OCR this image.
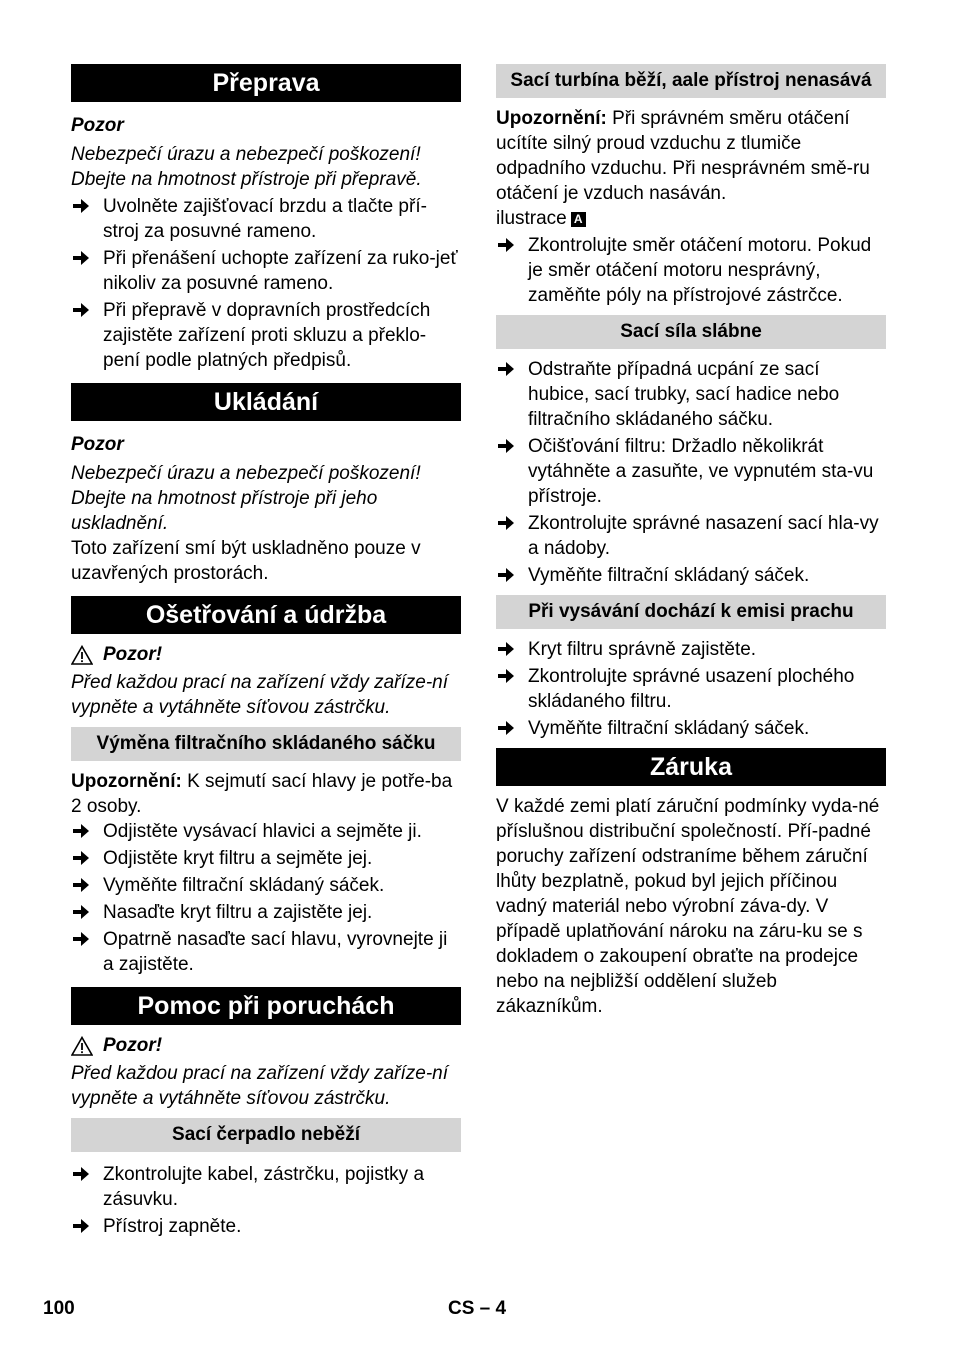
Přeprava

Pozor

Nebezpečí úrazu a nebezpečí poškození! Dbejte na hmotnost přístroje při přepravě.

Uvolněte zajišťovací brzdu a tlačte pří-stroj za posuvné rameno.
Při přenášení uchopte zařízení za ruko-jeť nikoliv za posuvné rameno.
Při přepravě v dopravních prostředcích zajistěte zařízení proti skluzu a překlo-pení podle platných předpisů.
Ukládání

Pozor

Nebezpečí úrazu a nebezpečí poškození! Dbejte na hmotnost přístroje při jeho uskladnění.

Toto zařízení smí být uskladněno pouze v uzavřených prostorách.

Ošetřování a údržba
Pozor!

Před každou prací na zařízení vždy zaříze-ní vypněte a vytáhněte síťovou zástrčku.

Výměna filtračního skládaného sáčku

Upozornění: K sejmutí sací hlavy je potře-ba 2 osoby.

Odjistěte vysávací hlavici a sejměte ji.
Odjistěte kryt filtru a sejměte jej.
Vyměňte filtrační skládaný sáček.
Nasaďte kryt filtru a zajistěte jej.
Opatrně nasaďte sací hlavu, vyrovnejte ji a zajistěte.
Pomoc při poruchách
Pozor!

Před každou prací na zařízení vždy zaříze-ní vypněte a vytáhněte síťovou zástrčku.

Sací čerpadlo neběží
Zkontrolujte kabel, zástrčku, pojistky a zásuvku.
Přístroj zapněte.
Sací turbína běží, aale přístroj nenasává

Upozornění: Při správném směru otáčení ucítíte silný proud vzduchu z tlumiče odpadního vzduchu. Při nesprávném smě-ru otáčení je vzduch nasáván.

ilustrace A

Zkontrolujte směr otáčení motoru. Pokud je směr otáčení motoru nesprávný, zaměňte póly na přístrojové zástrčce.
Sací síla slábne
Odstraňte případná ucpání ze sací hubice, sací trubky, sací hadice nebo filtračního skládaného sáčku.
Očišťování filtru: Držadlo několikrát vytáhněte a zasuňte, ve vypnutém sta-vu přístroje.
Zkontrolujte správné nasazení sací hla-vy a nádoby.
Vyměňte filtrační skládaný sáček.
Při vysávání dochází k emisi prachu
Kryt filtru správně zajistěte.
Zkontrolujte správné usazení plochého skládaného filtru.
Vyměňte filtrační skládaný sáček.
Záruka

V každé zemi platí záruční podmínky vyda-né příslušnou distribuční společností. Pří-padné poruchy zařízení odstraníme během záruční lhůty bezplatně, pokud byl jejich příčinou vadný materiál nebo výrobní záva-dy. V případě uplatňování nároku na záru-ku se s dokladem o zakoupení obraťte na prodejce nebo na nejbližší oddělení služeb zákazníkům.

100	CS – 4
